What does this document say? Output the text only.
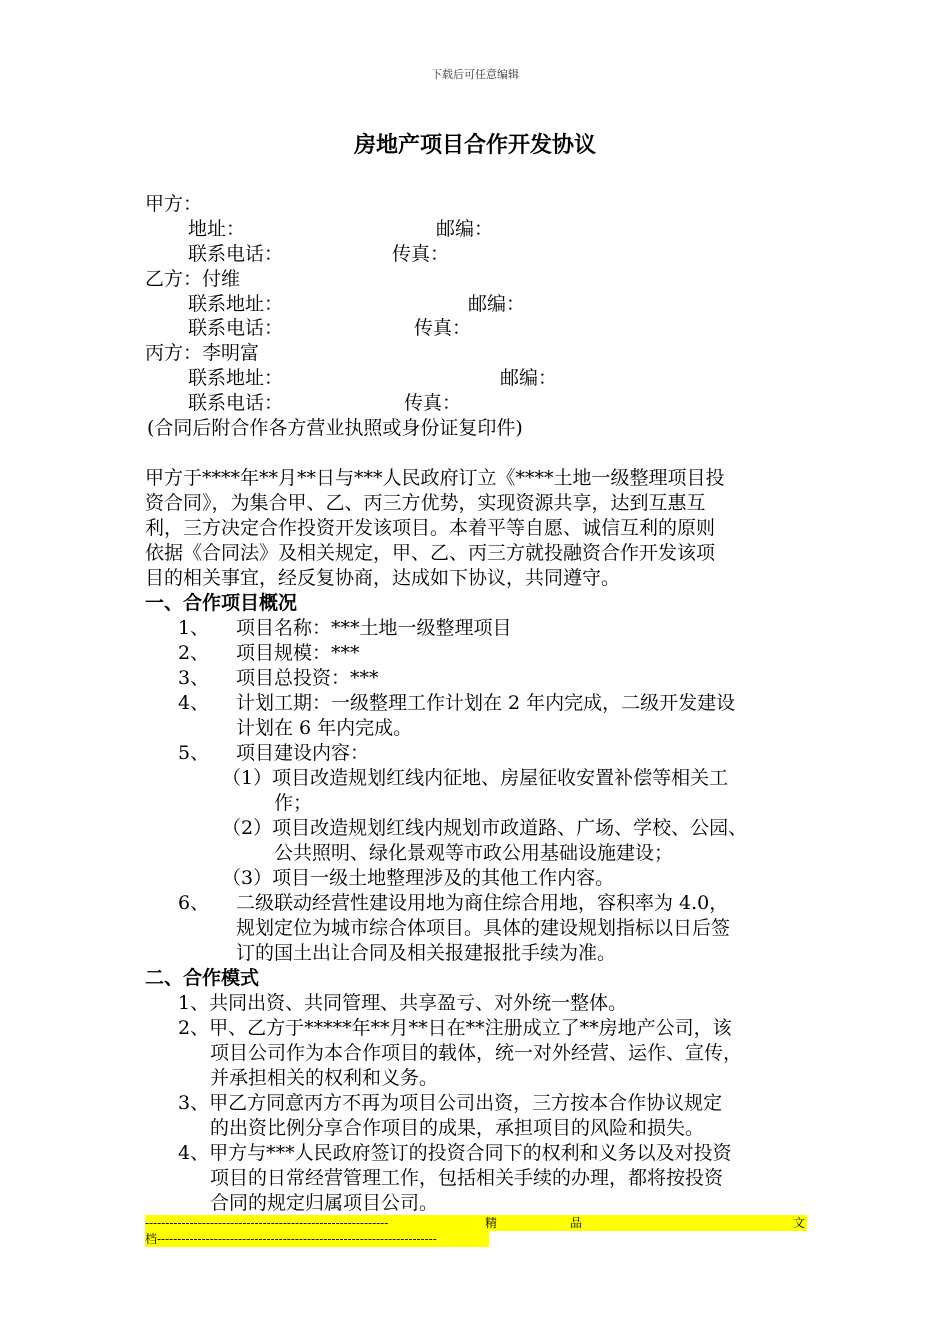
下载后可任意编辑
房地产项目合作开发协议
甲方：
地址：	邮编：
联系电话：	传真：
乙方：付维
联系地址：	邮编：
联系电话：	传真：
丙方：李明富
联系地址：	邮编：
联系电话：	传真：
(合同后附合作各方营业执照或身份证复印件)
甲方于****年**月**日与***人民政府订立《****土地一级整理项目投
资合同》，为集合甲、乙、丙三方优势，实现资源共享，达到互惠互
利，三方决定合作投资开发该项目。本着平等自愿、诚信互利的原则
依据《合同法》及相关规定，甲、乙、丙三方就投融资合作开发该项
目的相关事宜，经反复协商，达成如下协议，共同遵守。
一、合作项目概况
1、 项目名称：***土地一级整理项目
2、 项目规模：***
3、 项目总投资：***
4、 计划工期：一级整理工作计划在 2 年内完成，二级开发建设
计划在 6 年内完成。
5、 项目建设内容：
（1）项目改造规划红线内征地、房屋征收安置补偿等相关工
作；
（2）项目改造规划红线内规划市政道路、广场、学校、公园、
公共照明、绿化景观等市政公用基础设施建设；
（3）项目一级土地整理涉及的其他工作内容。
6、 二级联动经营性建设用地为商住综合用地，容积率为 4.0，
规划定位为城市综合体项目。具体的建设规划指标以日后签
订的国土出让合同及相关报建报批手续为准。
二、合作模式
1、共同出资、共同管理、共享盈亏、对外统一整体。
2、甲、乙方于*****年**月**日在**注册成立了**房地产公司，该
项目公司作为本合作项目的载体，统一对外经营、运作、宣传，
并承担相关的权利和义务。
3、甲乙方同意丙方不再为项目公司出资，三方按本合作协议规定
的出资比例分享合作项目的成果，承担项目的风险和损失。
4、甲方与***人民政府签订的投资合同下的权利和义务以及对投资
项目的日常经营管理工作，包括相关手续的办理，都将按投资
合同的规定归属项目公司。
------------------------------------------------------------	精	品	文
档---------------------------------------------------------------------
